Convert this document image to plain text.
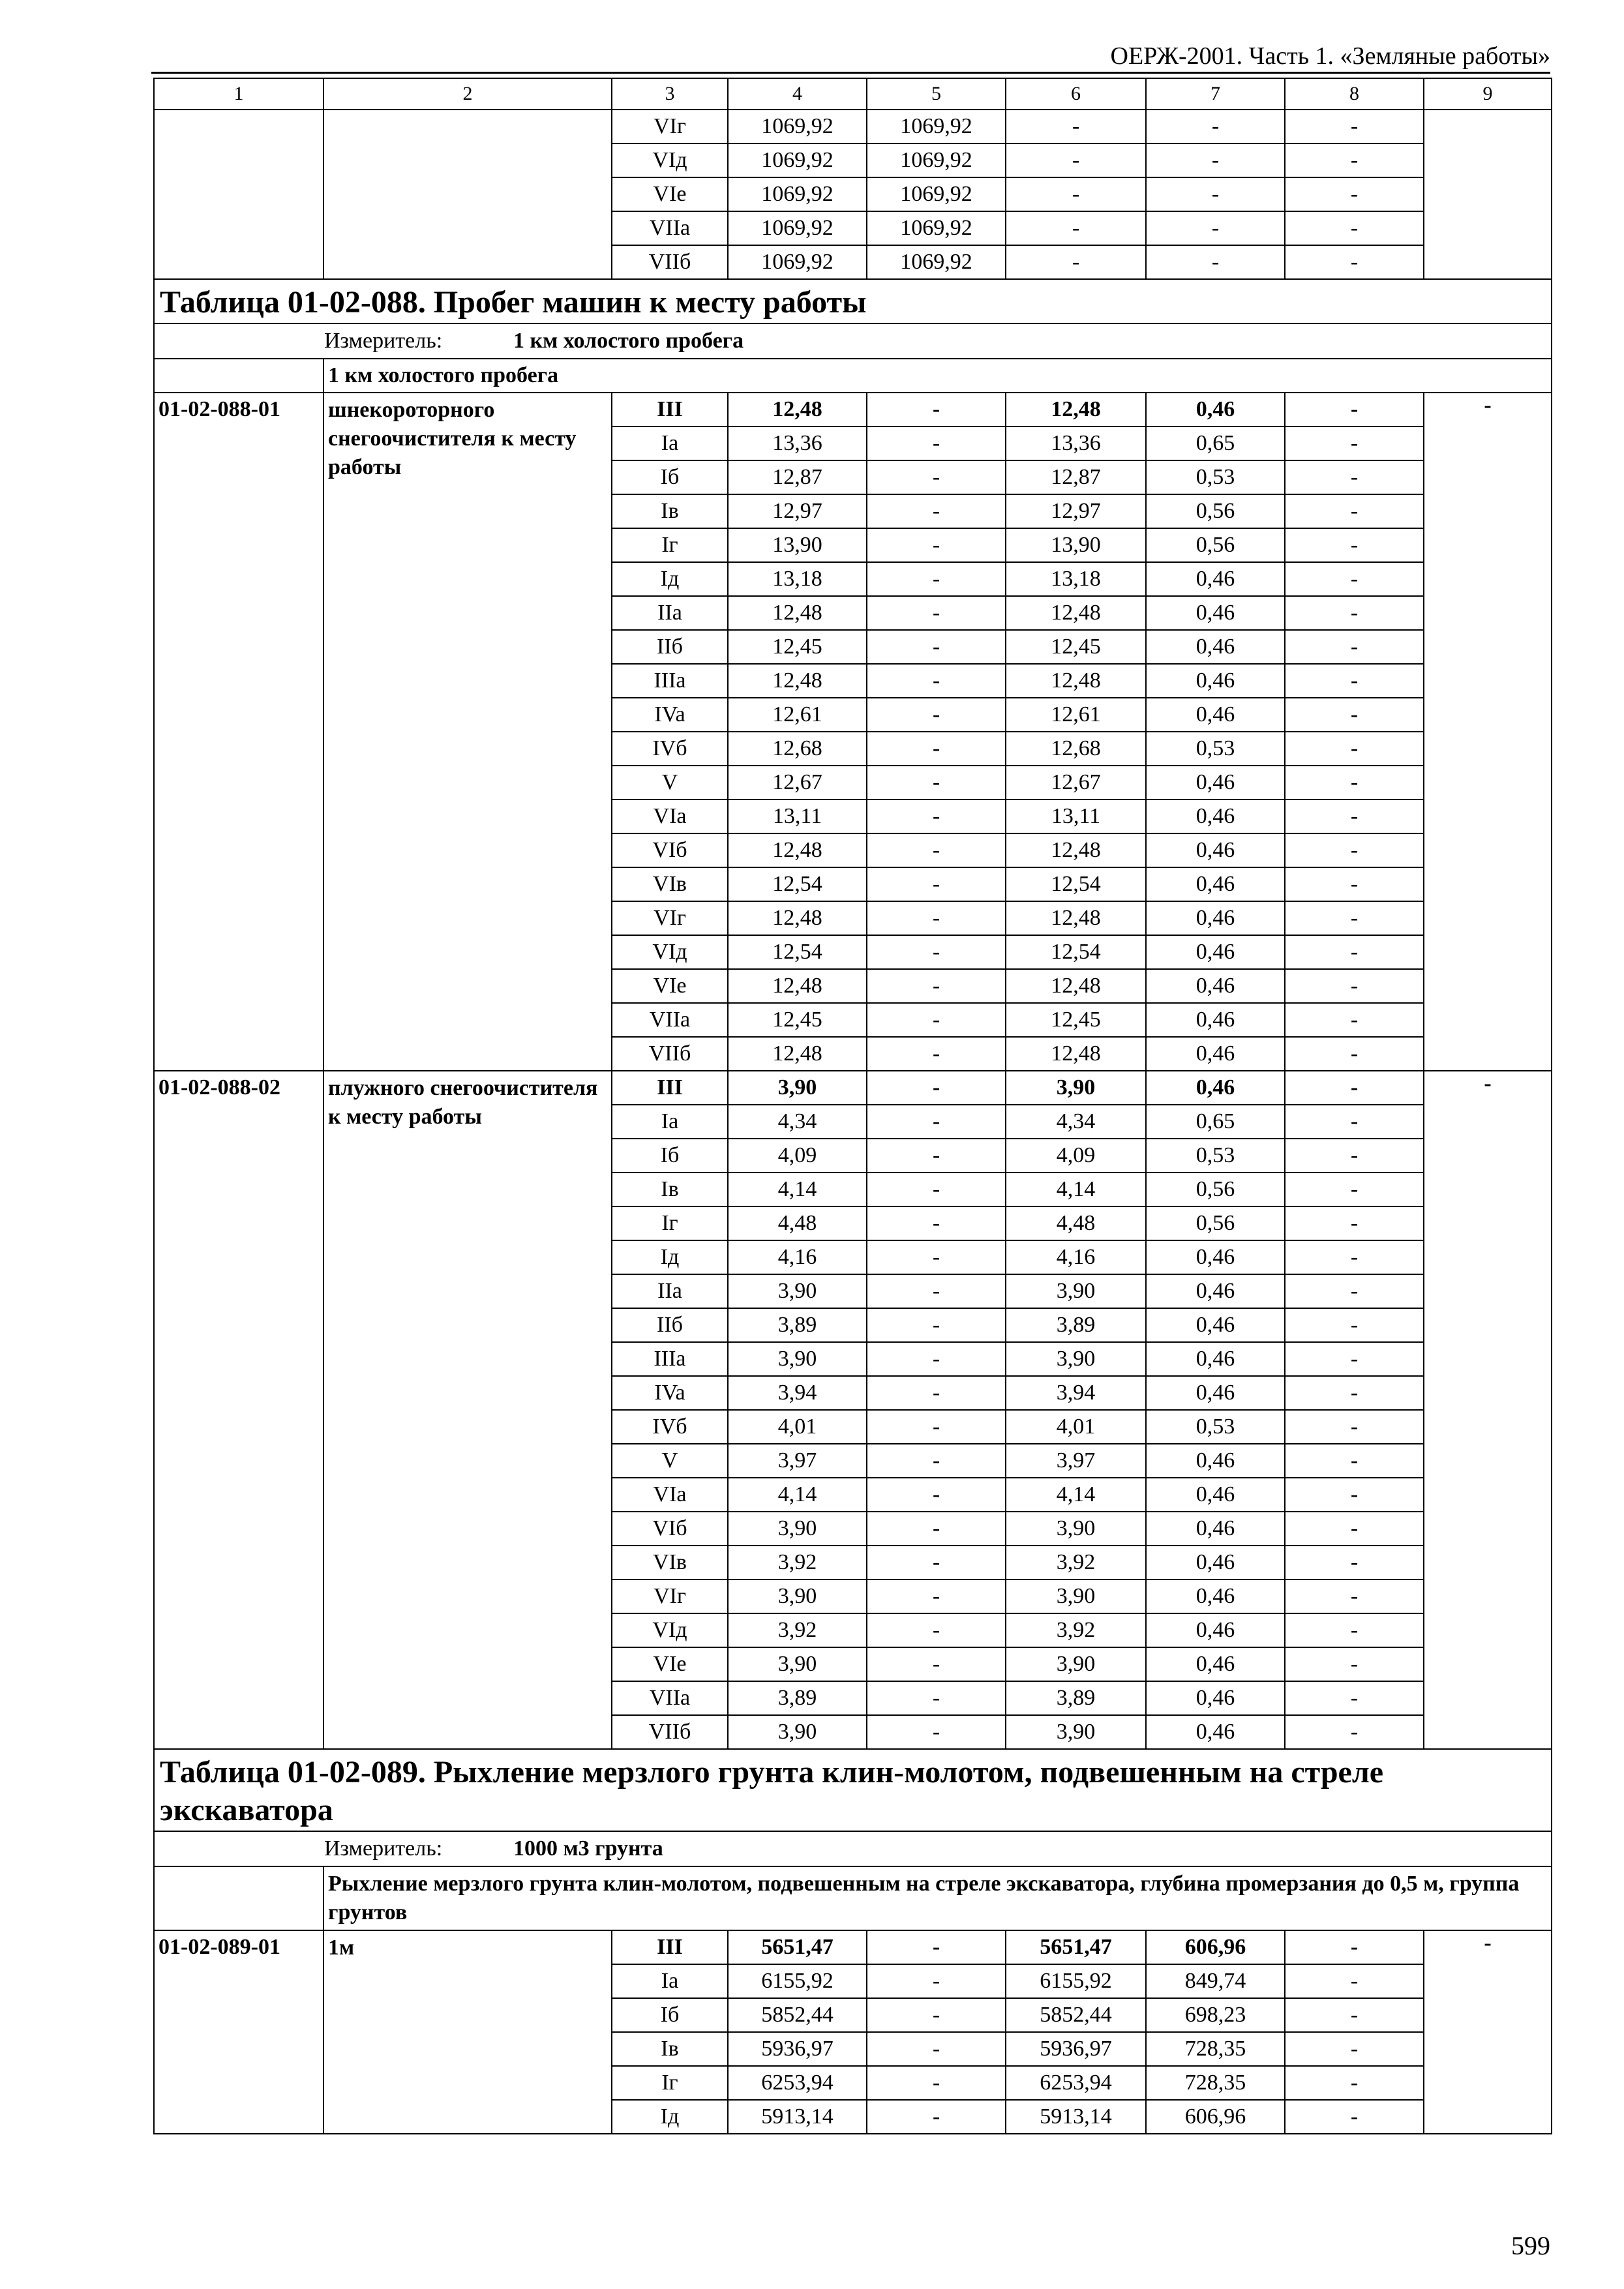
ОЕРЖ-2001. Часть 1. «Земляные работы»
1	2	3	4	5	6	7	8	9
		VIг	1069,92	1069,92	-	-	-	
		VIд	1069,92	1069,92	-	-	-	
		VIe	1069,92	1069,92	-	-	-	
		VIIa	1069,92	1069,92	-	-	-	
		VIIб	1069,92	1069,92	-	-	-	
Таблица 01-02-088. Пробег машин к месту работы								

Измеритель: 1 км холостого пробега								

	1 км холостого пробега							
01-02-088-01	шнекороторного снегоочистителя к месту работы	III	12,48	-	12,48	0,46	-	-
		Ia	13,36	-	13,36	0,65	-	
		Iб	12,87	-	12,87	0,53	-	
		Iв	12,97	-	12,97	0,56	-	
		Iг	13,90	-	13,90	0,56	-	
		Iд	13,18	-	13,18	0,46	-	
		IIa	12,48	-	12,48	0,46	-	
		IIб	12,45	-	12,45	0,46	-	
		IIIa	12,48	-	12,48	0,46	-	
		IVa	12,61	-	12,61	0,46	-	
		IVб	12,68	-	12,68	0,53	-	
		V	12,67	-	12,67	0,46	-	
		VIa	13,11	-	13,11	0,46	-	
		VIб	12,48	-	12,48	0,46	-	
		VIв	12,54	-	12,54	0,46	-	
		VIг	12,48	-	12,48	0,46	-	
		VIд	12,54	-	12,54	0,46	-	
		VIe	12,48	-	12,48	0,46	-	
		VIIa	12,45	-	12,45	0,46	-	
		VIIб	12,48	-	12,48	0,46	-	
01-02-088-02	плужного снегоочистителя к месту работы	III	3,90	-	3,90	0,46	-	-
		Ia	4,34	-	4,34	0,65	-	
		Iб	4,09	-	4,09	0,53	-	
		Iв	4,14	-	4,14	0,56	-	
		Iг	4,48	-	4,48	0,56	-	
		Iд	4,16	-	4,16	0,46	-	
		IIa	3,90	-	3,90	0,46	-	
		IIб	3,89	-	3,89	0,46	-	
		IIIa	3,90	-	3,90	0,46	-	
		IVa	3,94	-	3,94	0,46	-	
		IVб	4,01	-	4,01	0,53	-	
		V	3,97	-	3,97	0,46	-	
		VIa	4,14	-	4,14	0,46	-	
		VIб	3,90	-	3,90	0,46	-	
		VIв	3,92	-	3,92	0,46	-	
		VIг	3,90	-	3,90	0,46	-	
		VIд	3,92	-	3,92	0,46	-	
		VIe	3,90	-	3,90	0,46	-	
		VIIa	3,89	-	3,89	0,46	-	
		VIIб	3,90	-	3,90	0,46	-	
Таблица 01-02-089. Рыхление мерзлого грунта клин-молотом, подвешенным на стреле экскаватора								

Измеритель: 1000 м3 грунта								

	Рыхление мерзлого грунта клин-молотом, подвешенным на стреле экскаватора, глубина промерзания до 0,5 м, группа грунтов							
01-02-089-01	1м	III	5651,47	-	5651,47	606,96	-	-
		Ia	6155,92	-	6155,92	849,74	-	
		Iб	5852,44	-	5852,44	698,23	-	
		Iв	5936,97	-	5936,97	728,35	-	
		Iг	6253,94	-	6253,94	728,35	-	
		Iд	5913,14	-	5913,14	606,96	-	
599
